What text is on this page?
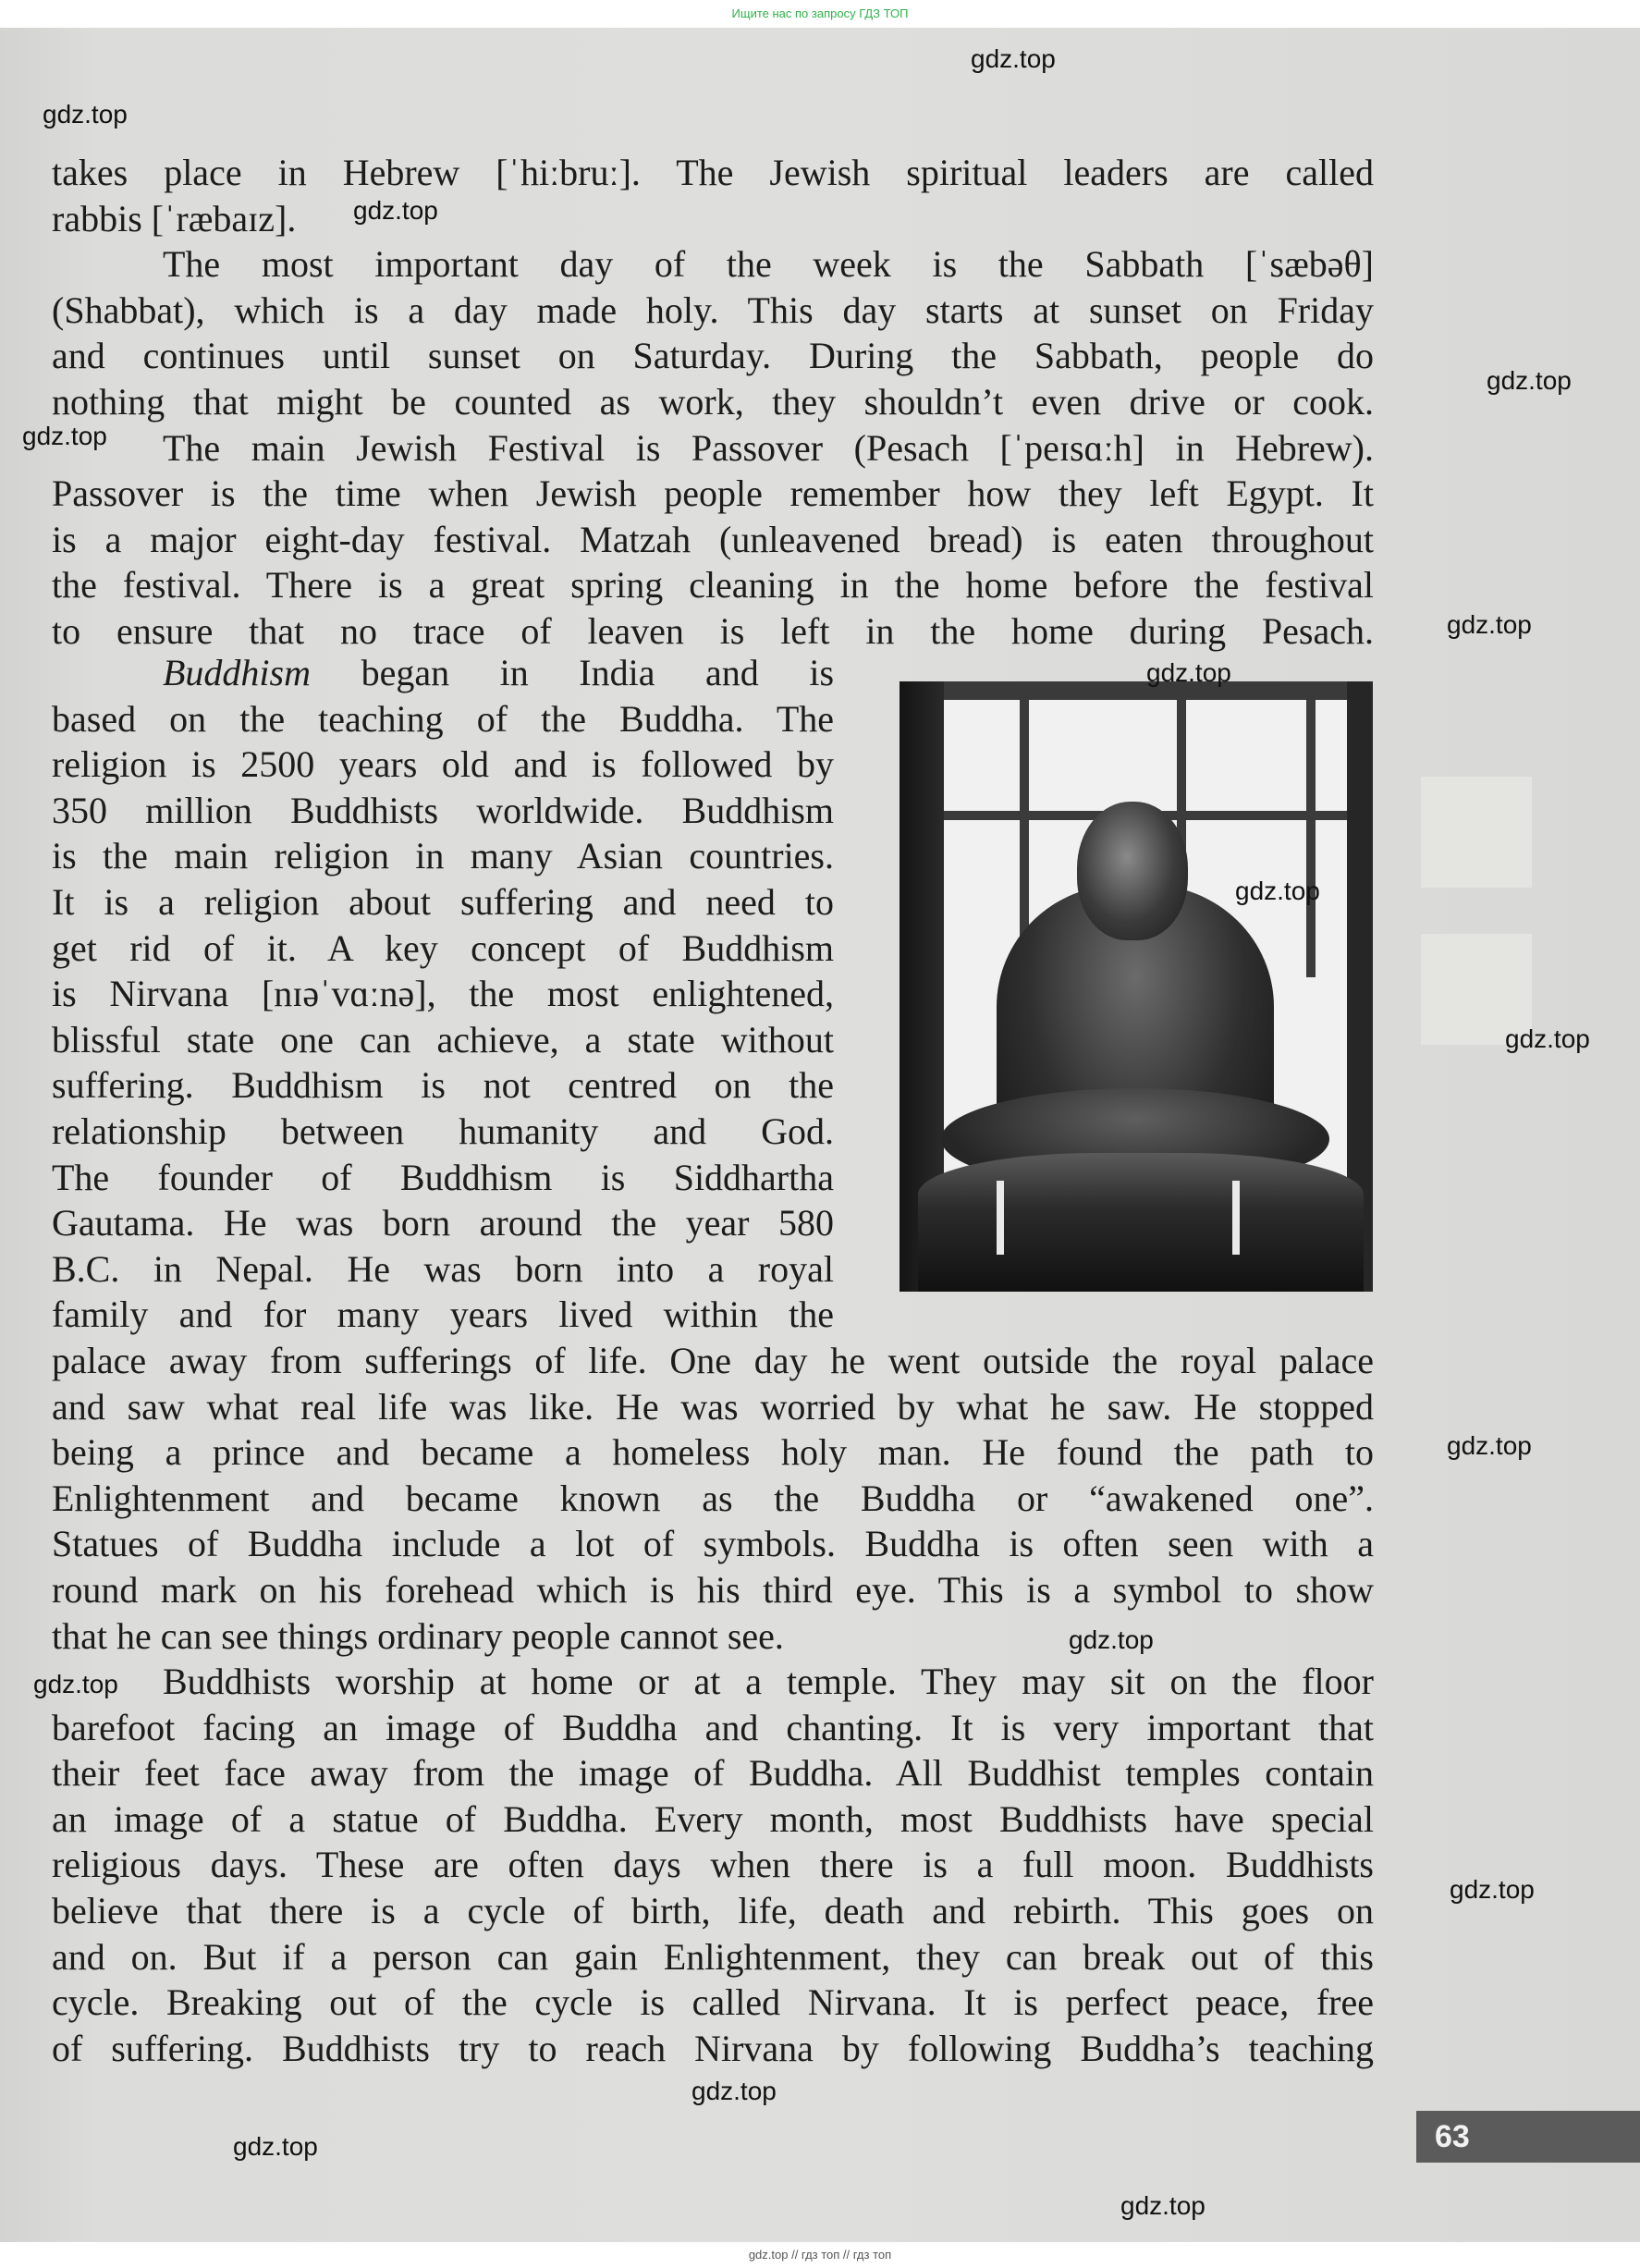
Ищите нас по запросу ГДЗ ТОП
takes place in Hebrew [ˈhiːbruː]. The Jewish spiritual leaders are called
rabbis [ˈræbaɪz].
The most important day of the week is the Sabbath [ˈsæbəθ]
(Shabbat), which is a day made holy. This day starts at sunset on Friday
and continues until sunset on Saturday. During the Sabbath, people do
nothing that might be counted as work, they shouldn’t even drive or cook.
The main Jewish Festival is Passover (Pesach [ˈpeɪsɑːh] in Hebrew).
Passover is the time when Jewish people remember how they left Egypt. It
is a major eight-day festival. Matzah (unleavened bread) is eaten throughout
the festival. There is a great spring cleaning in the home before the festival
to ensure that no trace of leaven is left in the home during Pesach.
Buddhism began in India and is
based on the teaching of the Buddha. The
religion is 2500 years old and is followed by
350 million Buddhists worldwide. Buddhism
is the main religion in many Asian countries.
It is a religion about suffering and need to
get rid of it. A key concept of Buddhism
is Nirvana [nɪəˈvɑːnə], the most enlightened,
blissful state one can achieve, a state without
suffering. Buddhism is not centred on the
relationship between humanity and God.
The founder of Buddhism is Siddhartha
Gautama. He was born around the year 580
B.C. in Nepal. He was born into a royal
family and for many years lived within the
palace away from sufferings of life. One day he went outside the royal palace
and saw what real life was like. He was worried by what he saw. He stopped
being a prince and became a homeless holy man. He found the path to
Enlightenment and became known as the Buddha or “awakened one”.
Statues of Buddha include a lot of symbols. Buddha is often seen with a
round mark on his forehead which is his third eye. This is a symbol to show
that he can see things ordinary people cannot see.
Buddhists worship at home or at a temple. They may sit on the floor
barefoot facing an image of Buddha and chanting. It is very important that
their feet face away from the image of Buddha. All Buddhist temples contain
an image of a statue of Buddha. Every month, most Buddhists have special
religious days. These are often days when there is a full moon. Buddhists
believe that there is a cycle of birth, life, death and rebirth. This goes on
and on. But if a person can gain Enlightenment, they can break out of this
cycle. Breaking out of the cycle is called Nirvana. It is perfect peace, free
of suffering. Buddhists try to reach Nirvana by following Buddha’s teaching
63
gdz.top
gdz.top
gdz.top
gdz.top
gdz.top
gdz.top
gdz.top
gdz.top
gdz.top
gdz.top
gdz.top
gdz.top
gdz.top
gdz.top
gdz.top
gdz.top
gdz.top // гдз топ // гдз топ
